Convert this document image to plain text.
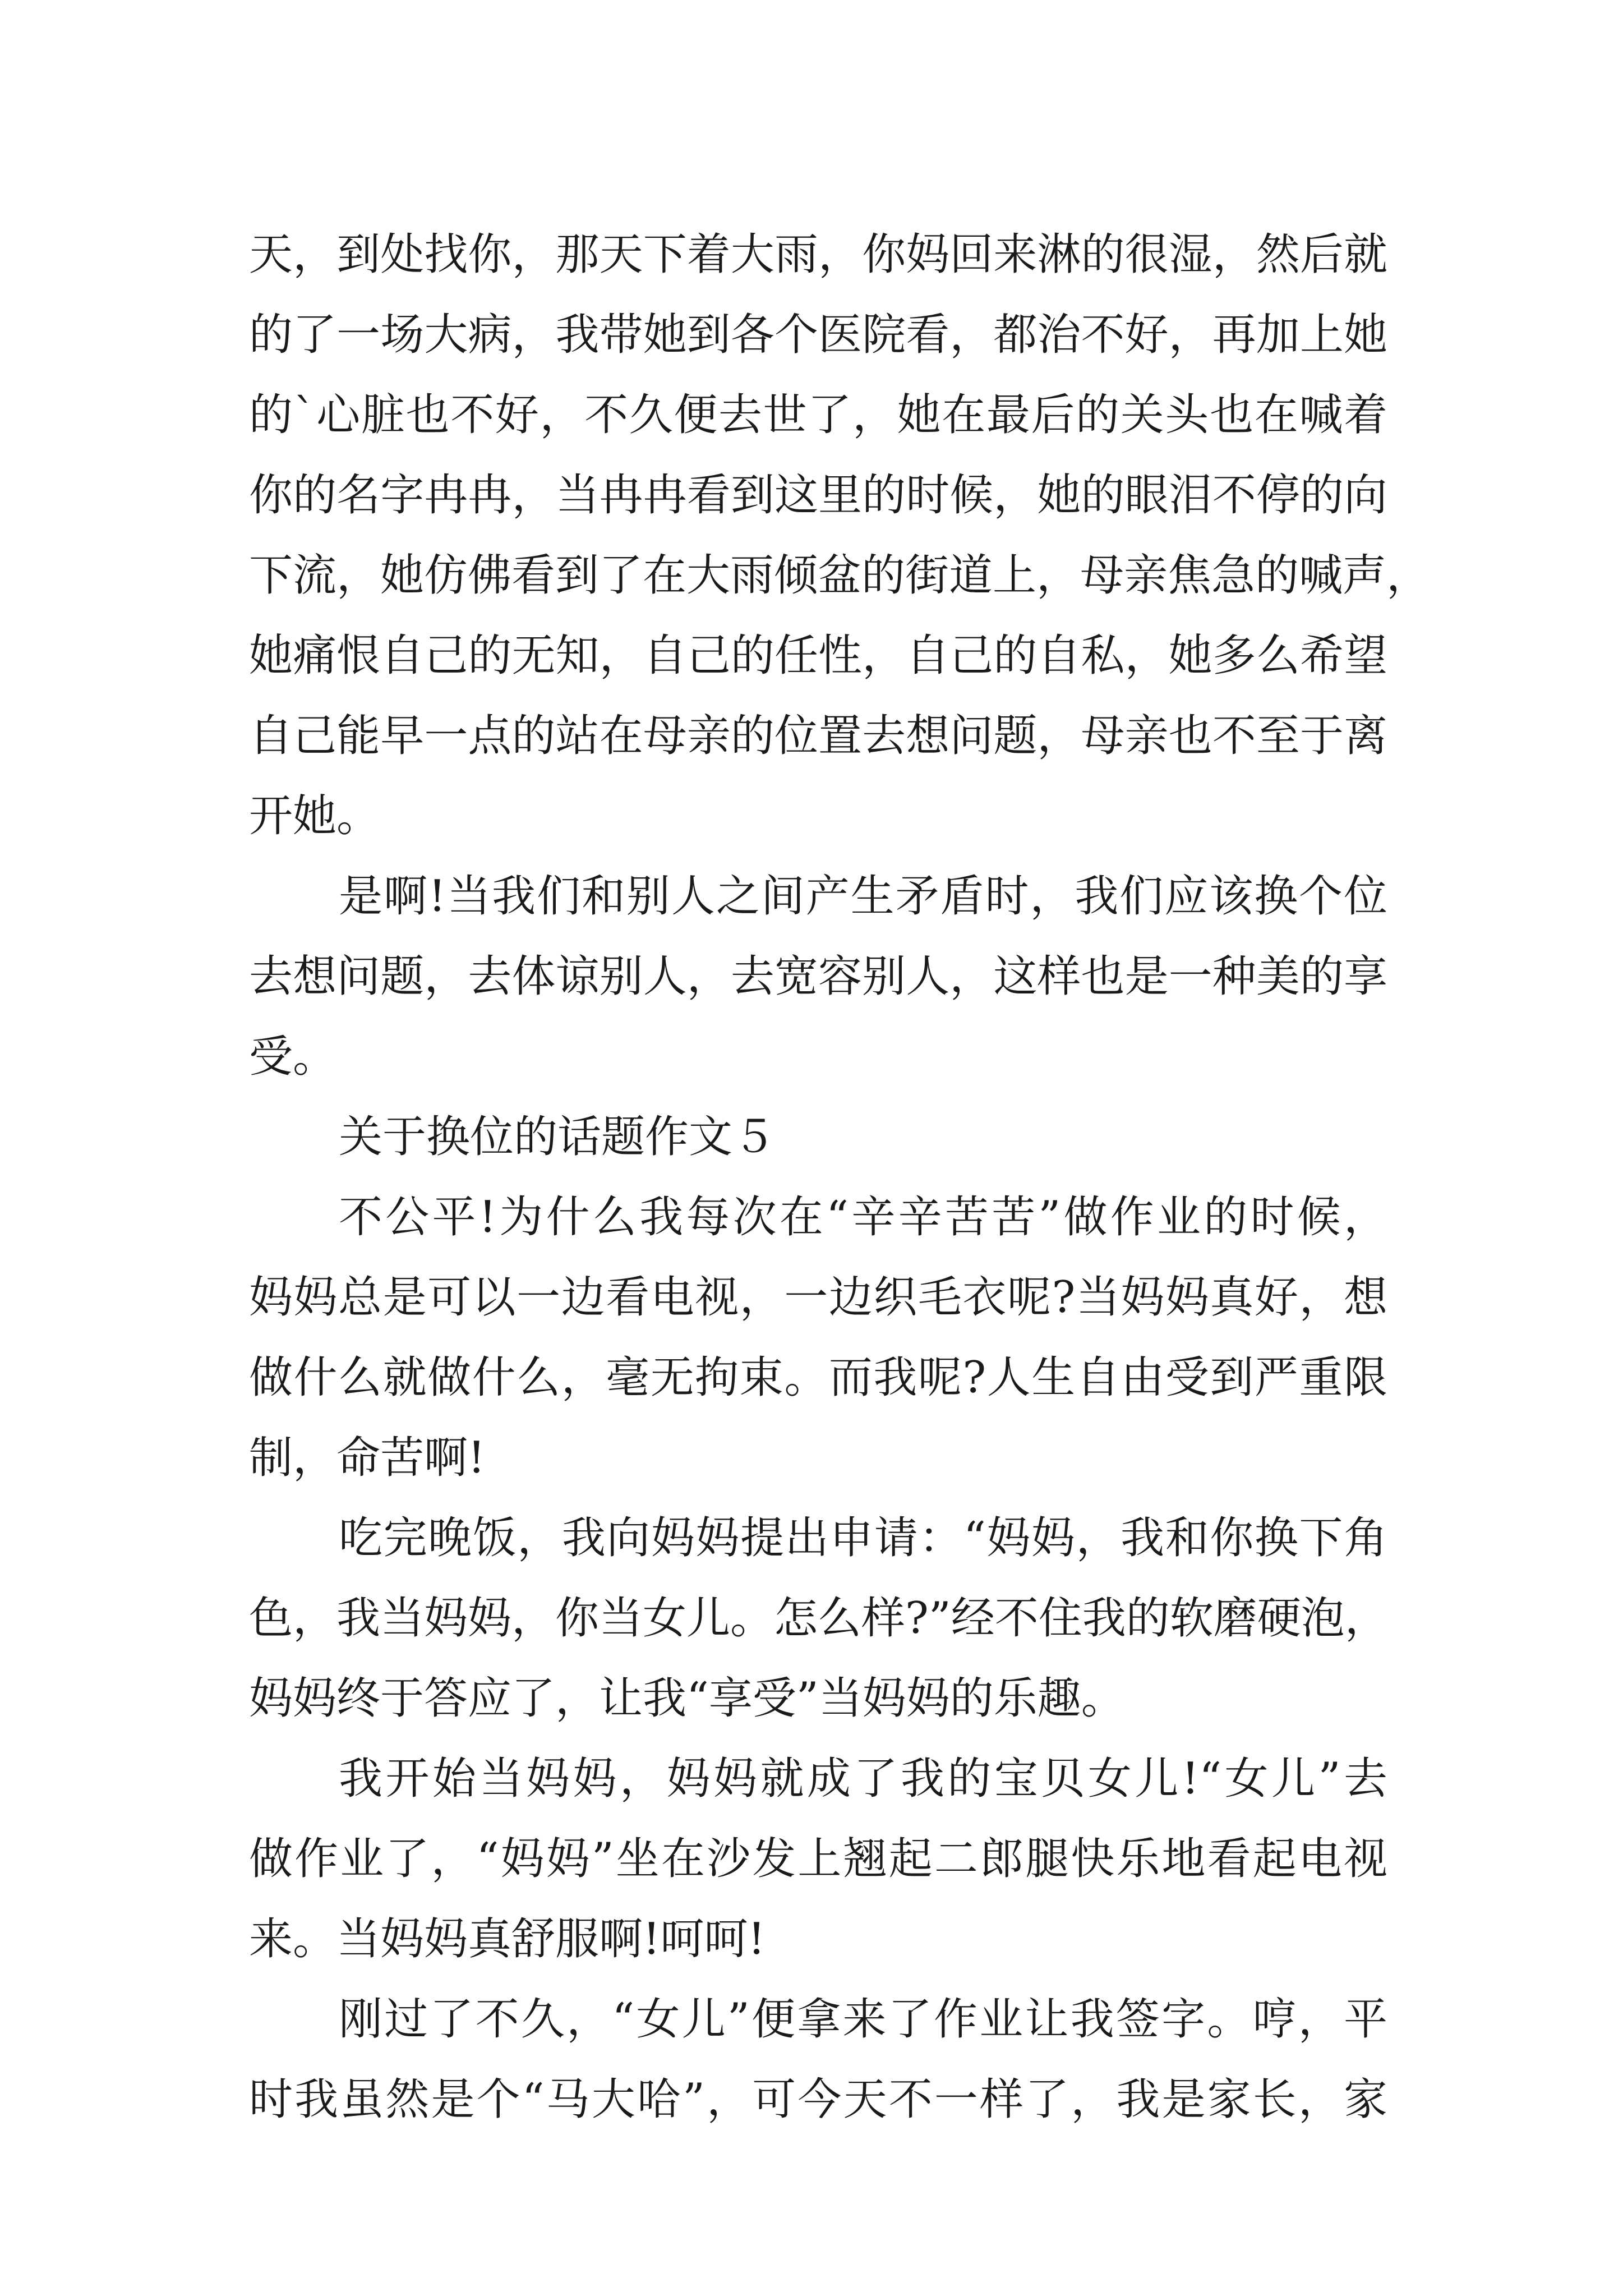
天，到处找你，那天下着大雨，你妈回来淋的很湿，然后就
的了一场大病，我带她到各个医院看，都治不好，再加上她
的`心脏也不好，不久便去世了，她在最后的关头也在喊着
你的名字冉冉，当冉冉看到这里的时候，她的眼泪不停的向
下流，她仿佛看到了在大雨倾盆的街道上，母亲焦急的喊声，
她痛恨自己的无知，自己的任性，自己的自私，她多么希望
自己能早一点的站在母亲的位置去想问题，母亲也不至于离
开她。
是啊!当我们和别人之间产生矛盾时，我们应该换个位
去想问题，去体谅别人，去宽容别人，这样也是一种美的享
受。
关于换位的话题作文５
不公平!为什么我每次在“辛辛苦苦”做作业的时候，
妈妈总是可以一边看电视，一边织毛衣呢?当妈妈真好，想
做什么就做什么，毫无拘束。而我呢?人生自由受到严重限
制，命苦啊!
吃完晚饭，我向妈妈提出申请：“妈妈，我和你换下角
色，我当妈妈，你当女儿。怎么样?”经不住我的软磨硬泡，
妈妈终于答应了，让我“享受”当妈妈的乐趣。
我开始当妈妈，妈妈就成了我的宝贝女儿!“女儿”去
做作业了，“妈妈”坐在沙发上翘起二郎腿快乐地看起电视
来。当妈妈真舒服啊!呵呵!
刚过了不久，“女儿”便拿来了作业让我签字。哼，平
时我虽然是个“马大哈”，可今天不一样了，我是家长，家
